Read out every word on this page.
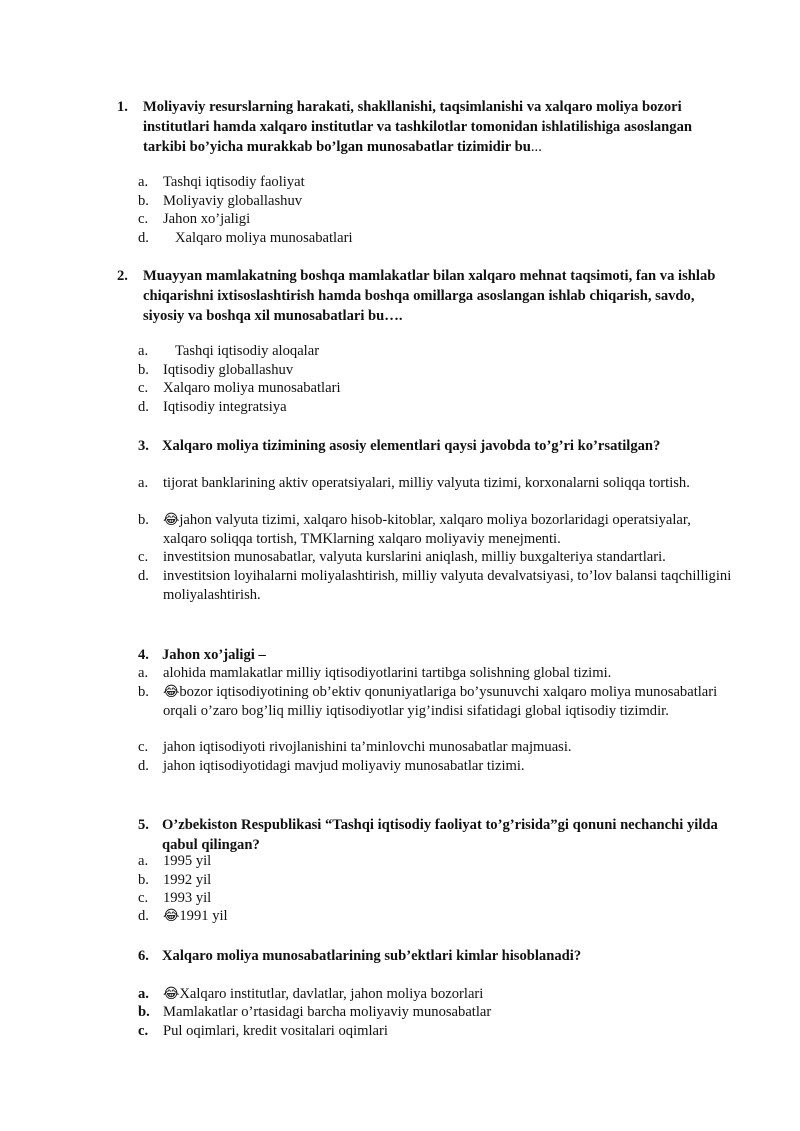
1. Moliyaviy resurslarning harakati, shakllanishi, taqsimlanishi va xalqaro moliya bozori institutlari hamda xalqaro institutlar va tashkilotlar tomonidan ishlatilishiga asoslangan tarkibi bo’yicha murakkab bo’lgan munosabatlar tizimidir bu...
a. Tashqi iqtisodiy faoliyat
b. Moliyaviy globallashuv
c. Jahon xo’jaligi
d. Xalqaro moliya munosabatlari
2. Muayyan mamlakatning boshqa mamlakatlar bilan xalqaro mehnat taqsimoti, fan va ishlab chiqarishni ixtisoslashtirish hamda boshqa omillarga asoslangan ishlab chiqarish, savdo, siyosiy va boshqa xil munosabatlari bu….
a. Tashqi iqtisodiy aloqalar
b. Iqtisodiy globallashuv
c. Xalqaro moliya munosabatlari
d. Iqtisodiy integratsiya
3. Xalqaro moliya tizimining asosiy elementlari qaysi javobda to’g’ri ko’rsatilgan?
a. tijorat banklarining aktiv operatsiyalari, milliy valyuta tizimi, korxonalarni soliqqa tortish.
b. 😂jahon valyuta tizimi, xalqaro hisob-kitoblar, xalqaro moliya bozorlaridagi operatsiyalar, xalqaro soliqqa tortish, TMKlarning xalqaro moliyaviy menejmenti.
c. investitsion munosabatlar, valyuta kurslarini aniqlash, milliy buxgalteriya standartlari.
d. investitsion loyihalarni moliyalashtirish, milliy valyuta devalvatsiyasi, to’lov balansi taqchilligini moliyalashtirish.
4. Jahon xo’jaligi –
a. alohida mamlakatlar milliy iqtisodiyotlarini tartibga solishning global tizimi.
b. 😂bozor iqtisodiyotining ob’ektiv qonuniyatlariga bo’ysunuvchi xalqaro moliya munosabatlari orqali o’zaro bog’liq milliy iqtisodiyotlar yig’indisi sifatidagi global iqtisodiy tizimdir.
c. jahon iqtisodiyoti rivojlanishini ta’minlovchi munosabatlar majmuasi.
d. jahon iqtisodiyotidagi mavjud moliyaviy munosabatlar tizimi.
5. O’zbekiston Respublikasi “Tashqi iqtisodiy faoliyat to’g’risida”gi qonuni nechanchi yilda qabul qilingan?
a. 1995 yil
b. 1992 yil
c. 1993 yil
d. 😂1991 yil
6. Xalqaro moliya munosabatlarining sub’ektlari kimlar hisoblanadi?
a. 😂Xalqaro institutlar, davlatlar, jahon moliya bozorlari
b. Mamlakatlar o’rtasidagi barcha moliyaviy munosabatlar
c. Pul oqimlari, kredit vositalari oqimlari
